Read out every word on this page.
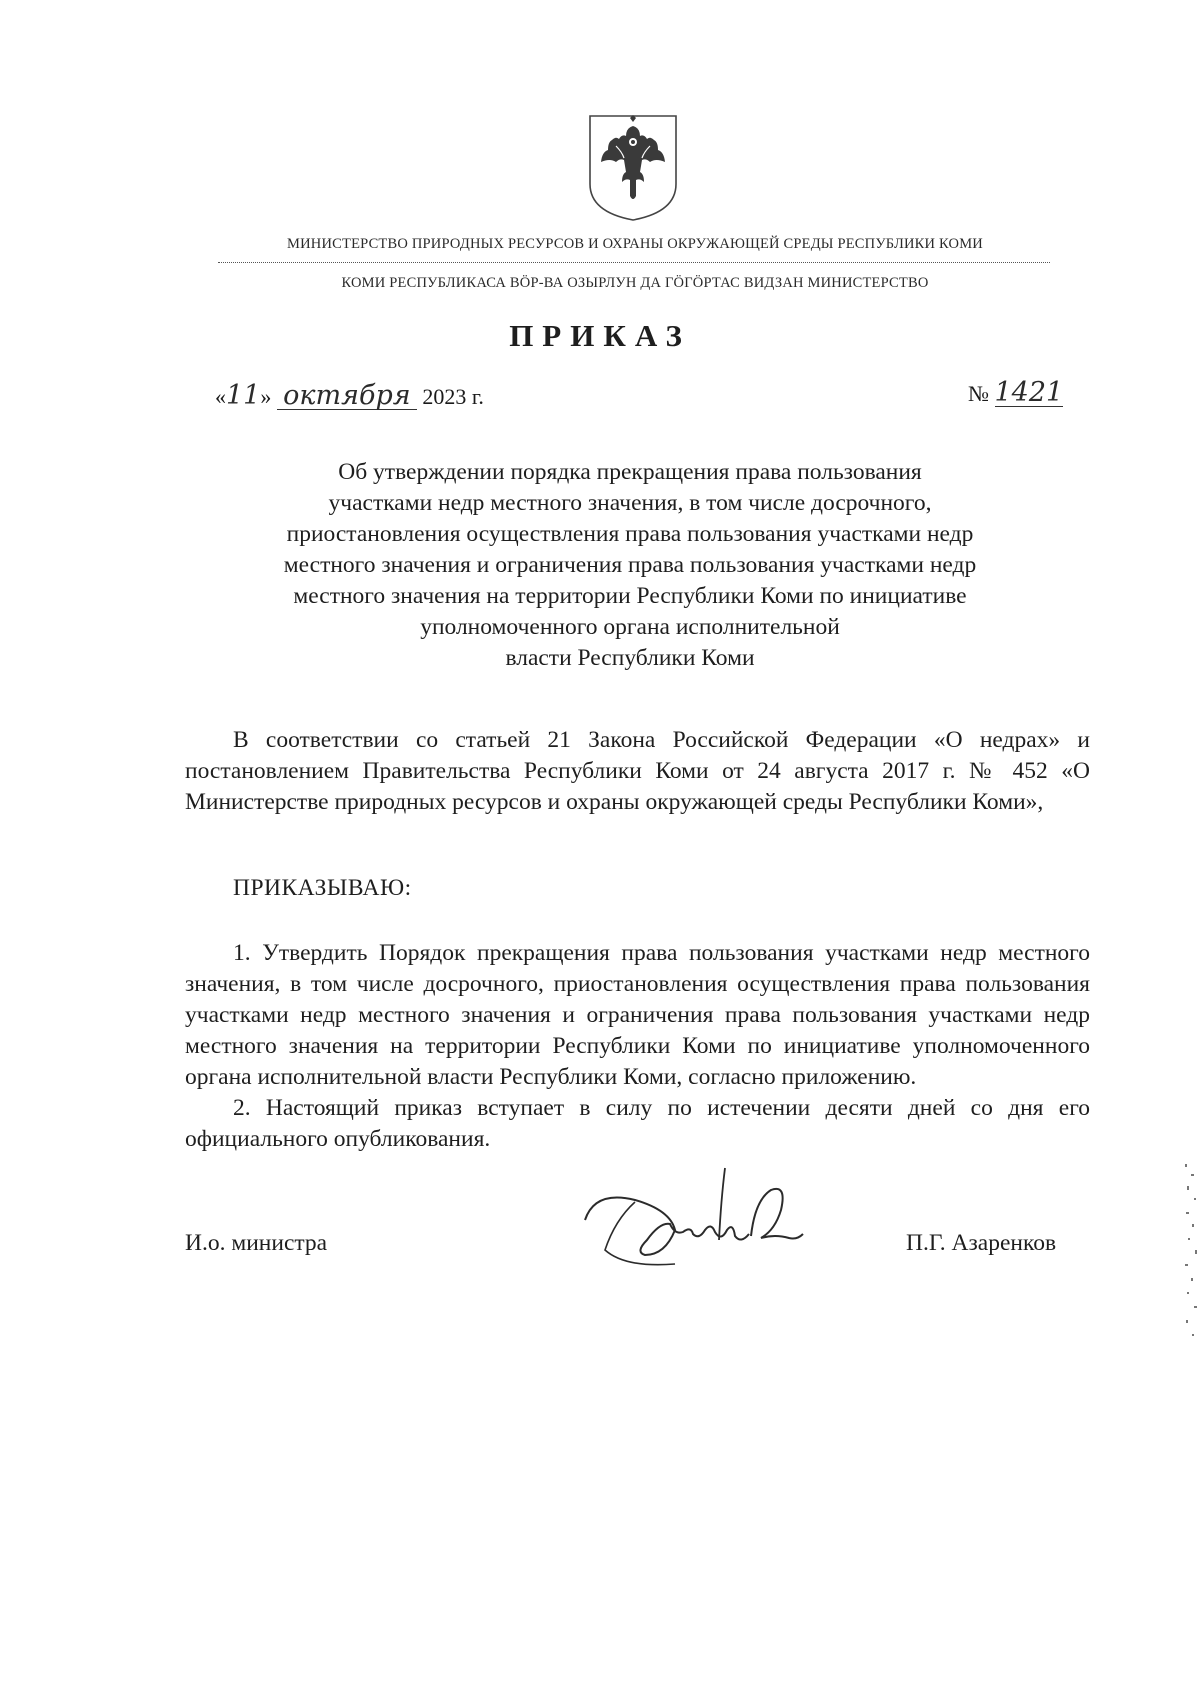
МИНИСТЕРСТВО ПРИРОДНЫХ РЕСУРСОВ И ОХРАНЫ ОКРУЖАЮЩЕЙ СРЕДЫ РЕСПУБЛИКИ КОМИ
КОМИ РЕСПУБЛИКАСА ВӦР-ВА ОЗЫРЛУН ДА ГӦГӦРТАС ВИДЗАН МИНИСТЕРСТВО
ПРИКАЗ
«11» октября 2023 г.	№ 1421
Об утверждении порядка прекращения права пользования
участками недр местного значения, в том числе досрочного,
приостановления осуществления права пользования участками недр
местного значения и ограничения права пользования участками недр
местного значения на территории Республики Коми по инициативе
уполномоченного органа исполнительной
власти Республики Коми

В соответствии со статьей 21 Закона Российской Федерации «О недрах» и постановлением Правительства Республики Коми от 24 августа 2017 г. № 452 «О Министерстве природных ресурсов и охраны окружающей среды Республики Коми»,

ПРИКАЗЫВАЮ:

1. Утвердить Порядок прекращения права пользования участками недр местного значения, в том числе досрочного, приостановления осуществления права пользования участками недр местного значения и ограничения права пользования участками недр местного значения на территории Республики Коми по инициативе уполномоченного органа исполнительной власти Республики Коми, согласно приложению.

2. Настоящий приказ вступает в силу по истечении десяти дней со дня его официального опубликования.

И.о. министра	П.Г. Азаренков
